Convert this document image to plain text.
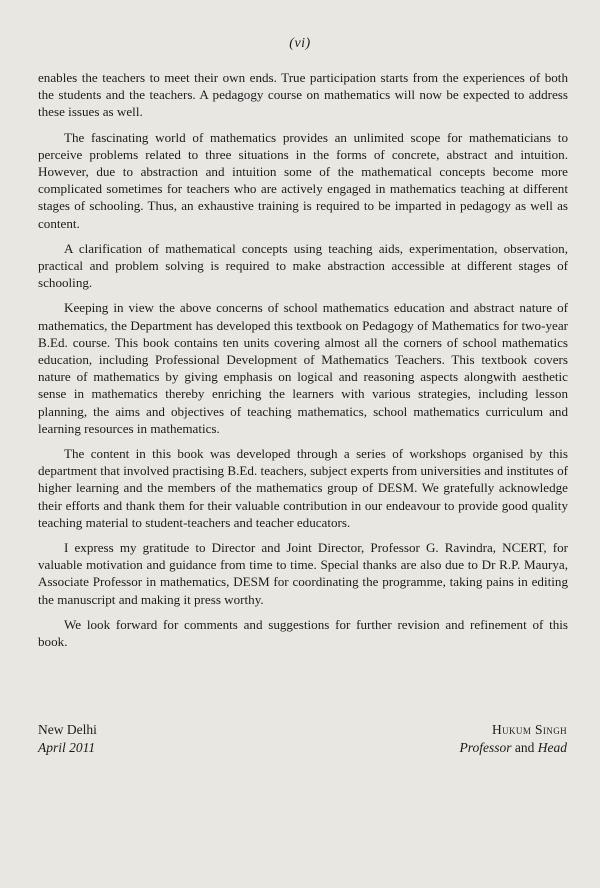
(vi)

enables the teachers to meet their own ends. True participation starts from the experiences of both the students and the teachers. A pedagogy course on mathematics will now be expected to address these issues as well.

The fascinating world of mathematics provides an unlimited scope for mathematicians to perceive problems related to three situations in the forms of concrete, abstract and intuition. However, due to abstraction and intuition some of the mathematical concepts become more complicated sometimes for teachers who are actively engaged in mathematics teaching at different stages of schooling. Thus, an exhaustive training is required to be imparted in pedagogy as well as content.

A clarification of mathematical concepts using teaching aids, experimentation, observation, practical and problem solving is required to make abstraction accessible at different stages of schooling.

Keeping in view the above concerns of school mathematics education and abstract nature of mathematics, the Department has developed this textbook on Pedagogy of Mathematics for two-year B.Ed. course. This book contains ten units covering almost all the corners of school mathematics education, including Professional Development of Mathematics Teachers. This textbook covers nature of mathematics by giving emphasis on logical and reasoning aspects alongwith aesthetic sense in mathematics thereby enriching the learners with various strategies, including lesson planning, the aims and objectives of teaching mathematics, school mathematics curriculum and learning resources in mathematics.

The content in this book was developed through a series of workshops organised by this department that involved practising B.Ed. teachers, subject experts from universities and institutes of higher learning and the members of the mathematics group of DESM. We gratefully acknowledge their efforts and thank them for their valuable contribution in our endeavour to provide good quality teaching material to student-teachers and teacher educators.

I express my gratitude to Director and Joint Director, Professor G. Ravindra, NCERT, for valuable motivation and guidance from time to time. Special thanks are also due to Dr R.P. Maurya, Associate Professor in mathematics, DESM for coordinating the programme, taking pains in editing the manuscript and making it press worthy.

We look forward for comments and suggestions for further revision and refinement of this book.

New Delhi
April 2011
Hukum Singh
Professor and Head
